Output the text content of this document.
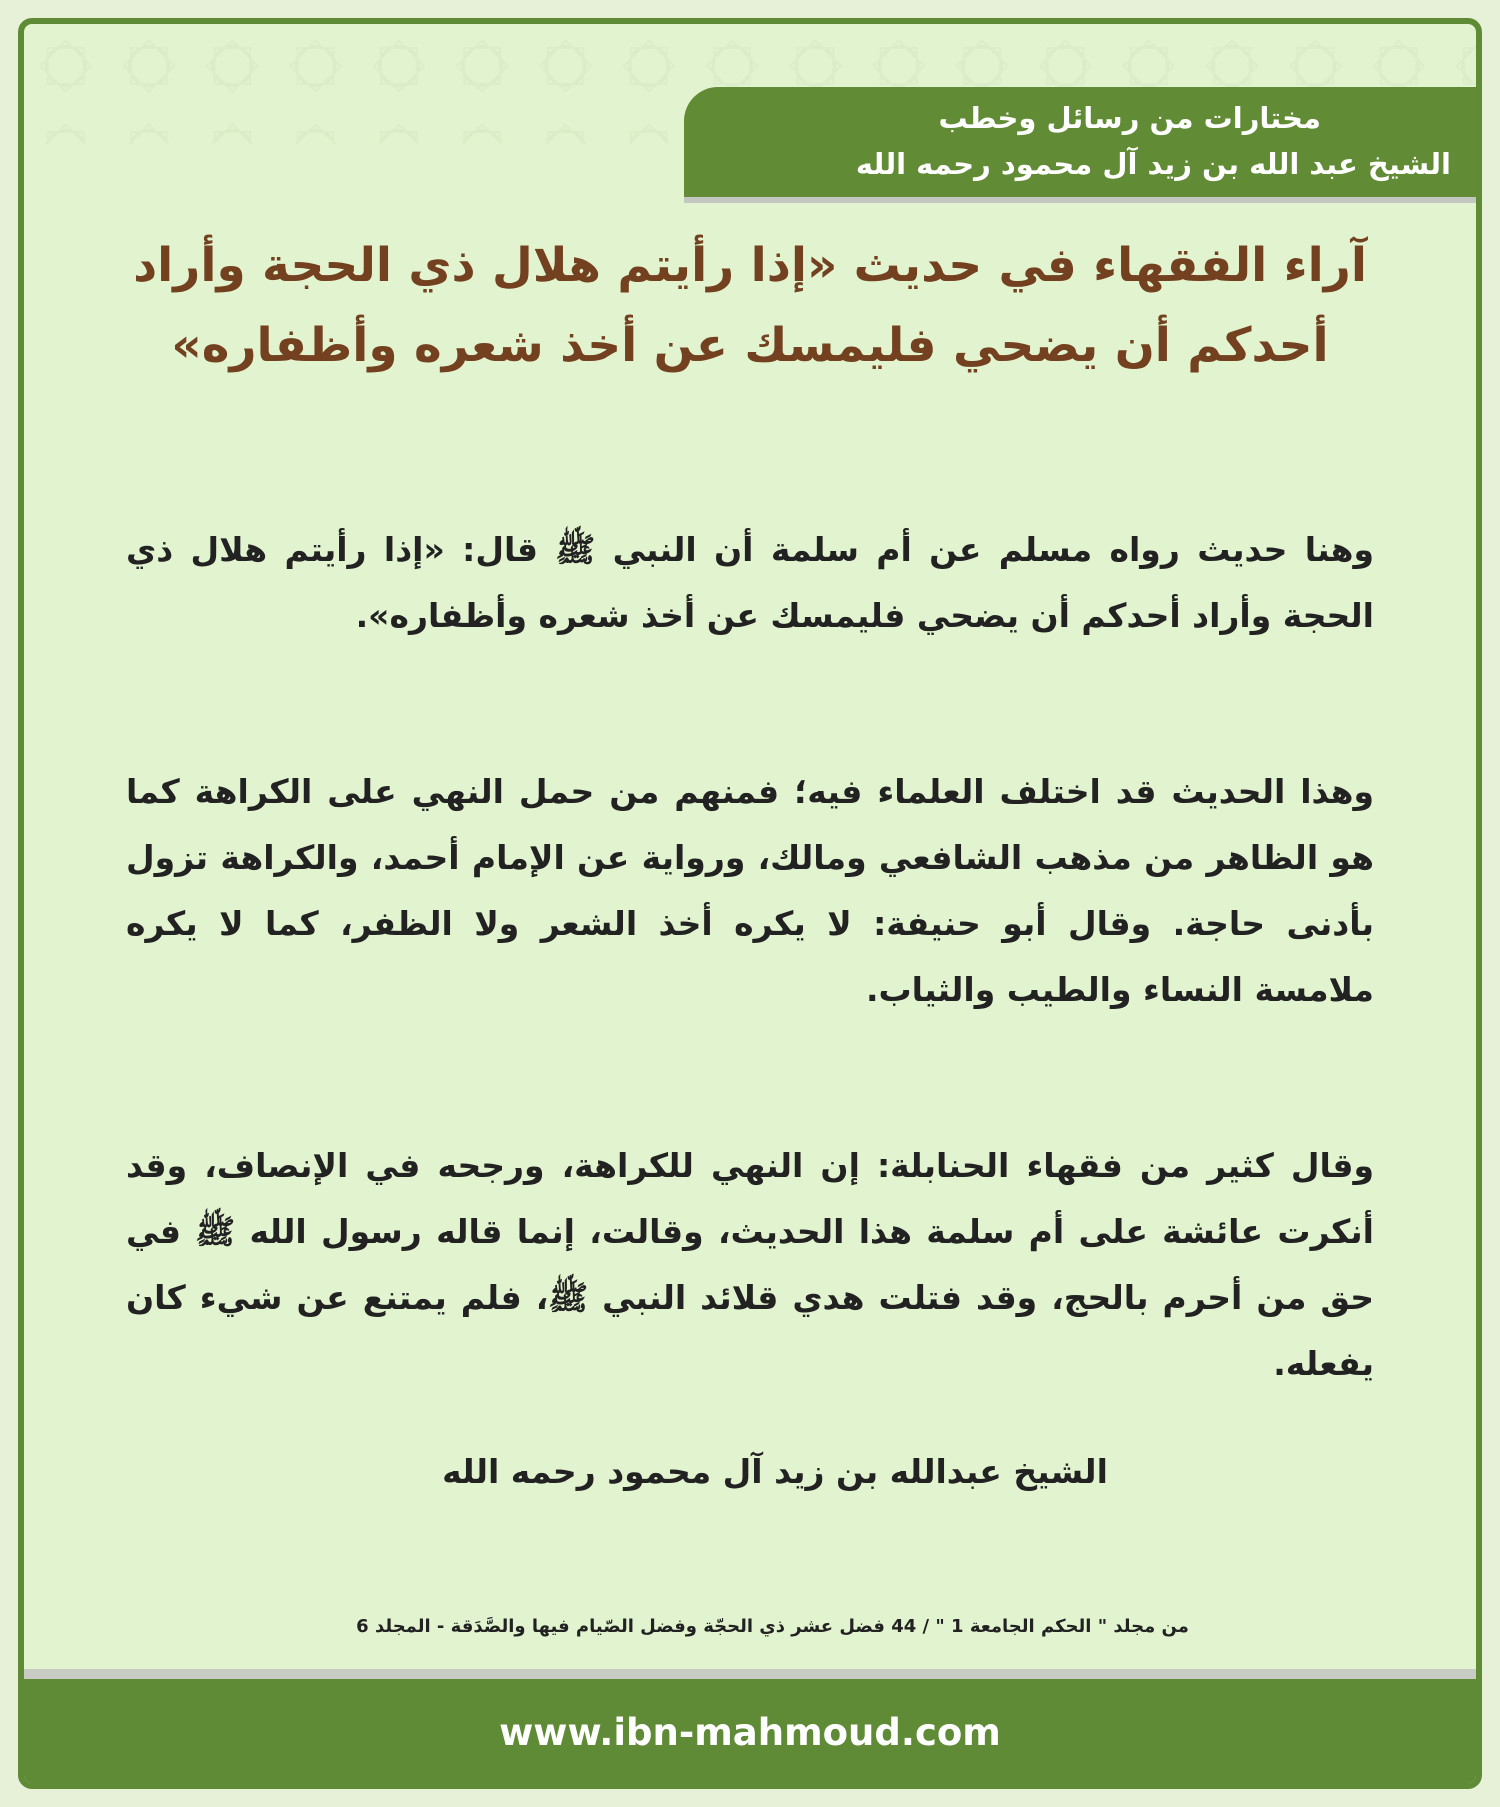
مختارات من رسائل وخطب
الشيخ عبد الله بن زيد آل محمود رحمه الله
آراء الفقهاء في حديث «إذا رأيتم هلال ذي الحجة وأراد أحدكم أن يضحي فليمسك عن أخذ شعره وأظفاره»

وهنا حديث رواه مسلم عن أم سلمة أن النبي ﷺ قال: «إذا رأيتم هلال ذي الحجة وأراد أحدكم أن يضحي فليمسك عن أخذ شعره وأظفاره».

وهذا الحديث قد اختلف العلماء فيه؛ فمنهم من حمل النهي على الكراهة كما هو الظاهر من مذهب الشافعي ومالك، ورواية عن الإمام أحمد، والكراهة تزول بأدنى حاجة. وقال أبو حنيفة: لا يكره أخذ الشعر ولا الظفر، كما لا يكره ملامسة النساء والطيب والثياب.

وقال كثير من فقهاء الحنابلة: إن النهي للكراهة، ورجحه في الإنصاف، وقد أنكرت عائشة على أم سلمة هذا الحديث، وقالت، إنما قاله رسول الله ﷺ في حق من أحرم بالحج، وقد فتلت هدي قلائد النبي ﷺ، فلم يمتنع عن شيء كان يفعله.

الشيخ عبدالله بن زيد آل محمود رحمه الله
من مجلد " الحكم الجامعة 1 " / 44 فضل عشر ذي الحجّة وفضل الصّيام فيها والصَّدَقة - المجلد 6
www.ibn-mahmoud.com
